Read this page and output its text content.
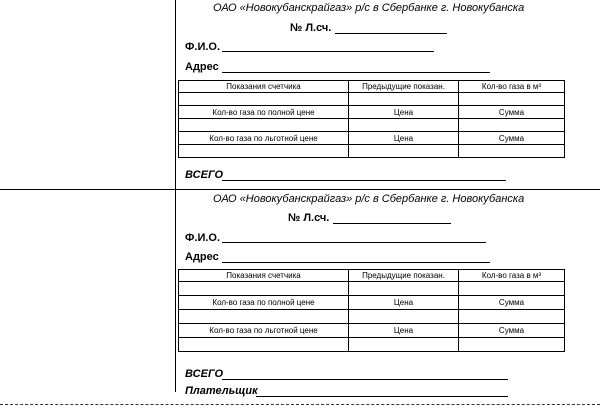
ОАО «Новокубанскрайгаз» р/с в Сбербанке г. Новокубанска
№ Л.сч.
Ф.И.О.
Адрес
Показания счетчика	Предыдущие показан.	Кол-во газа в м³

Кол-во газа по полной цене	Цена	Сумма

Кол-во газа по льготной цене	Цена	Сумма

ВСЕГО
ОАО «Новокубанскрайгаз» р/с в Сбербанке г. Новокубанска
№ Л.сч.
Ф.И.О.
Адрес
Показания счетчика	Предыдущие показан.	Кол-во газа в м³

Кол-во газа по полной цене	Цена	Сумма

Кол-во газа по льготной цене	Цена	Сумма

ВСЕГО
Плательщик
